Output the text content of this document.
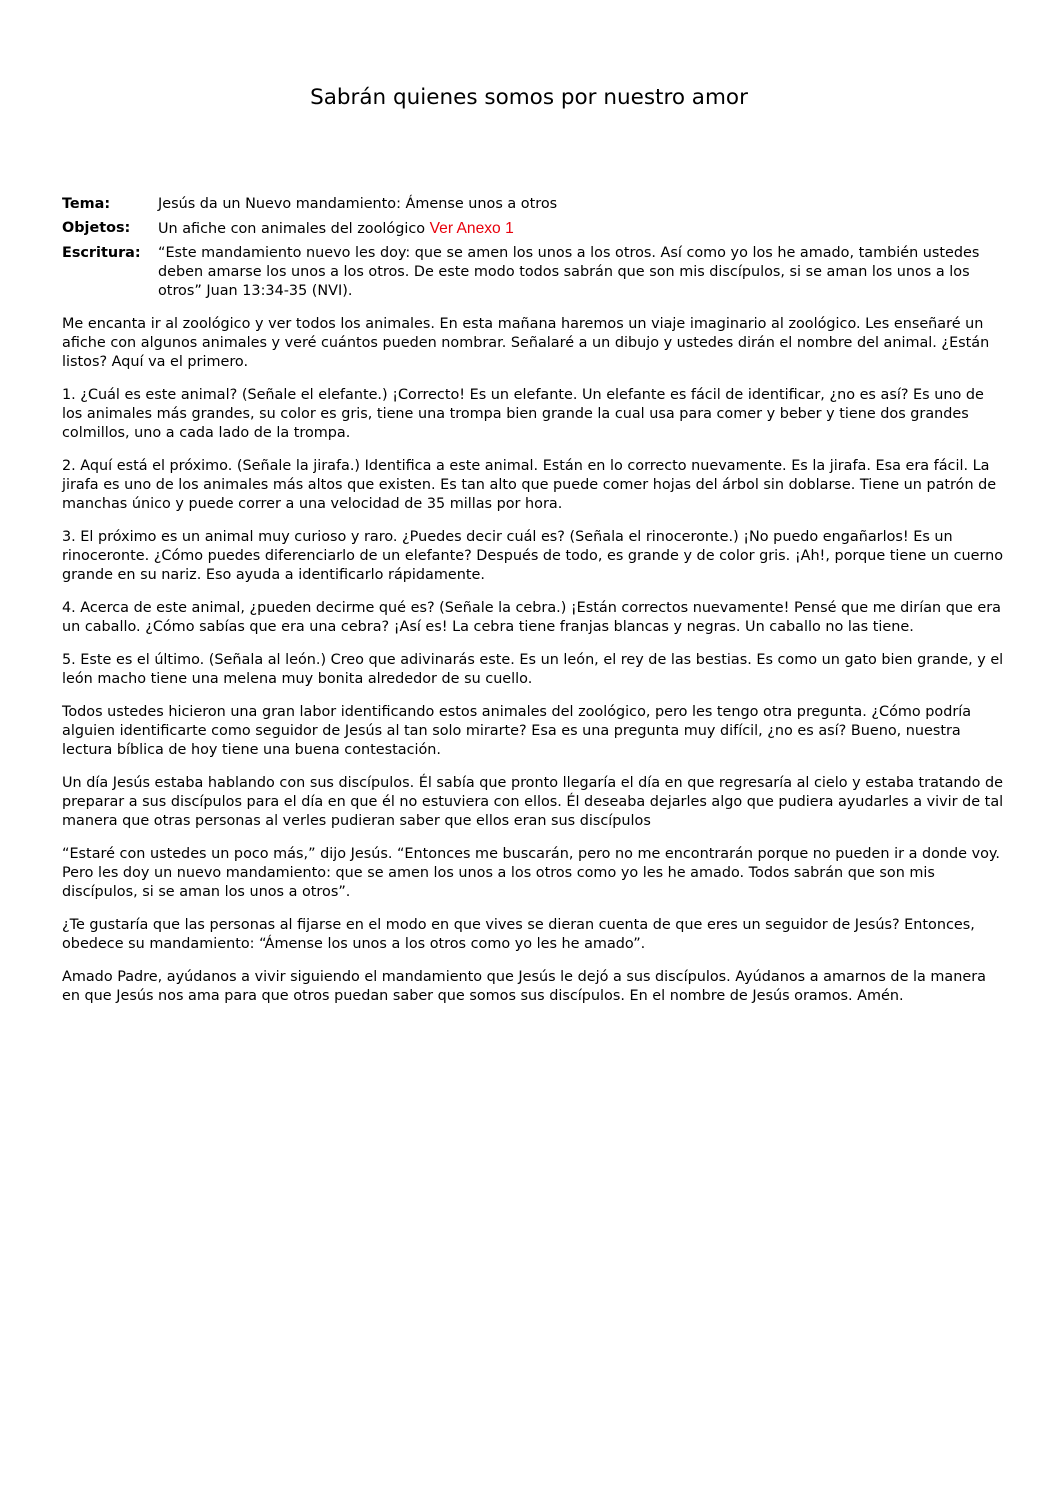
Sabrán quienes somos por nuestro amor
Tema:	Jesús da un Nuevo mandamiento: Ámense unos a otros
Objetos:	Un afiche con animales del zoológico Ver Anexo 1
Escritura:	“Este mandamiento nuevo les doy: que se amen los unos a los otros. Así como yo los he amado, también ustedes deben amarse los unos a los otros. De este modo todos sabrán que son mis discípulos, si se aman los unos a los otros” Juan 13:34-35 (NVI).

Me encanta ir al zoológico y ver todos los animales. En esta mañana haremos un viaje imaginario al zoológico. Les enseñaré un afiche con algunos animales y veré cuántos pueden nombrar. Señalaré a un dibujo y ustedes dirán el nombre del animal. ¿Están listos? Aquí va el primero.

1. ¿Cuál es este animal? (Señale el elefante.) ¡Correcto! Es un elefante. Un elefante es fácil de identificar, ¿no es así? Es uno de los animales más grandes, su color es gris, tiene una trompa bien grande la cual usa para comer y beber y tiene dos grandes colmillos, uno a cada lado de la trompa.

2. Aquí está el próximo. (Señale la jirafa.) Identifica a este animal. Están en lo correcto nuevamente. Es la jirafa. Esa era fácil. La jirafa es uno de los animales más altos que existen. Es tan alto que puede comer hojas del árbol sin doblarse. Tiene un patrón de manchas único y puede correr a una velocidad de 35 millas por hora.

3. El próximo es un animal muy curioso y raro. ¿Puedes decir cuál es? (Señala el rinoceronte.) ¡No puedo engañarlos! Es un rinoceronte. ¿Cómo puedes diferenciarlo de un elefante? Después de todo, es grande y de color gris. ¡Ah!, porque tiene un cuerno grande en su nariz. Eso ayuda a identificarlo rápidamente.

4. Acerca de este animal, ¿pueden decirme qué es? (Señale la cebra.) ¡Están correctos nuevamente! Pensé que me dirían que era un caballo. ¿Cómo sabías que era una cebra? ¡Así es! La cebra tiene franjas blancas y negras. Un caballo no las tiene.

5. Este es el último. (Señala al león.) Creo que adivinarás este. Es un león, el rey de las bestias. Es como un gato bien grande, y el león macho tiene una melena muy bonita alrededor de su cuello.

Todos ustedes hicieron una gran labor identificando estos animales del zoológico, pero les tengo otra pregunta. ¿Cómo podría alguien identificarte como seguidor de Jesús al tan solo mirarte? Esa es una pregunta muy difícil, ¿no es así? Bueno, nuestra lectura bíblica de hoy tiene una buena contestación.

Un día Jesús estaba hablando con sus discípulos. Él sabía que pronto llegaría el día en que regresaría al cielo y estaba tratando de preparar a sus discípulos para el día en que él no estuviera con ellos. Él deseaba dejarles algo que pudiera ayudarles a vivir de tal manera que otras personas al verles pudieran saber que ellos eran sus discípulos

“Estaré con ustedes un poco más,” dijo Jesús. “Entonces me buscarán, pero no me encontrarán porque no pueden ir a donde voy. Pero les doy un nuevo mandamiento: que se amen los unos a los otros como yo les he amado. Todos sabrán que son mis discípulos, si se aman los unos a otros”.

¿Te gustaría que las personas al fijarse en el modo en que vives se dieran cuenta de que eres un seguidor de Jesús? Entonces, obedece su mandamiento: “Ámense los unos a los otros como yo les he amado”.

Amado Padre, ayúdanos a vivir siguiendo el mandamiento que Jesús le dejó a sus discípulos. Ayúdanos a amarnos de la manera en que Jesús nos ama para que otros puedan saber que somos sus discípulos. En el nombre de Jesús oramos. Amén.
